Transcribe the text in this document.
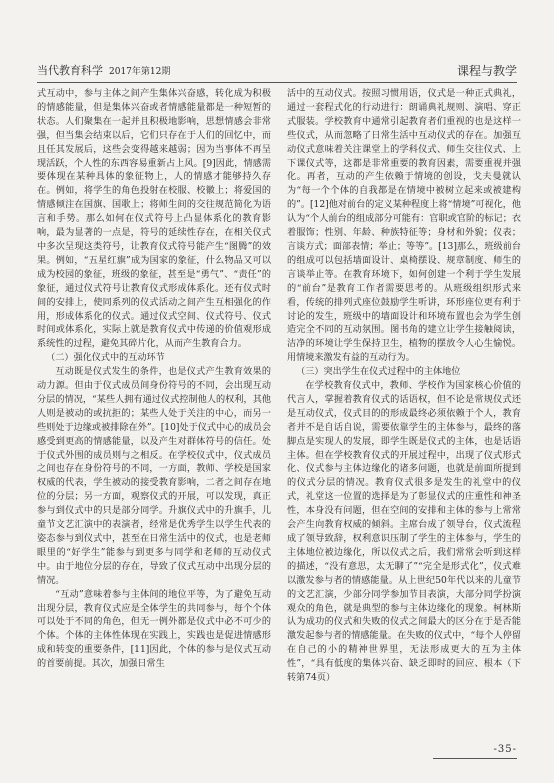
当代教育科学 2017年第12期	课程与教学

式互动中，参与主体之间产生集体兴奋感，转化成为积极的情感能量，但是集体兴奋或者情感能量都是一种短暂的状态。人们聚集在一起并且积极地影响，思想情感会非常强，但当集会结束以后，它们只存在于人们的回忆中，而且任其发展后，这些会变得越来越弱；因为当事体不再呈现活跃，个人性的东西容易重新占上风。[9]因此，情感需要体现在某种具体的象征物上，人的情感才能够持久存在。例如，将学生的角色投射在校服、校徽上；将爱国的情感倾注在国旗、国歌上；将师生间的交往规范简化为语言和手势。那么如何在仪式符号上凸显体系化的教育影响，最为显著的一点是，符号的延续性存在，在相关仪式中多次呈现这类符号，让教育仪式符号能产生“图腾”的效果。例如，“五星红旗”成为国家的象征，什么物品又可以成为校园的象征，班级的象征，甚至是“勇气”、“责任”的象征，通过仪式符号让教育仪式形成体系化。还有仪式时间的安排上，使同系列的仪式活动之间产生互相强化的作用，形成体系化的仪式。通过仪式空间、仪式符号、仪式时间或体系化，实际上就是教育仪式中传递的价值观形成系统性的过程，避免其碎片化，从而产生教育合力。

（二）强化仪式中的互动环节

互动既是仪式发生的条件，也是仪式产生教育效果的动力源。但由于仪式成员间身份符号的不同，会出现互动分层的情况，“某些人拥有通过仪式控制他人的权利，其他人则是被动的或抗拒的；某些人处于关注的中心，而另一些则处于边缘或被排除在外”。[10]处于仪式中心的成员会感受到更高的情感能量，以及产生对群体符号的信任。处于仪式外围的成员则与之相反。在学校仪式中，仪式成员之间也存在身份符号的不同，一方面，教师、学校是国家权威的代表，学生被动的接受教育影响，二者之间存在地位的分层；另一方面，观察仪式的开展，可以发现，真正参与到仪式中的只是部分同学。升旗仪式中的升旗手，儿童节文艺汇演中的表演者，经常是优秀学生以学生代表的姿态参与到仪式中，甚至在日常生活中的仪式，也是老师眼里的“好学生”能参与到更多与同学和老师的互动仪式中。由于地位分层的存在，导致了仪式互动中出现分层的情况。

“互动”意味着参与主体间的地位平等，为了避免互动出现分层，教育仪式应是全体学生的共同参与，每个个体可以处于不同的角色，但无一例外都是仪式中必不可少的个体。个体的主体性体现在实践上，实践也是促进情感形成和转变的重要条件，[11]因此，个体的参与是仪式互动的首要前提。其次，加强日常生

活中的互动仪式。按照习惯用语，仪式是一种正式典礼，通过一套程式化的行动进行：朗诵典礼规则、演唱、穿正式服装。学校教育中通常引起教育者们重视的也是这样一些仪式，从而忽略了日常生活中互动仪式的存在。加强互动仪式意味着关注课堂上的学科仪式、师生交往仪式、上下课仪式等，这都是非常重要的教育因素，需要重视并强化。再者，互动的产生依赖于情境的创设，戈夫曼就认为“每一个个体的自我都是在情境中被树立起来或被建构的”。[12]他对前台的定义某种程度上将“情境”可视化，他认为“个人前台的组成部分可能有：官职或官阶的标记；衣着服饰；性别、年龄、种族特征等；身材和外貌；仪表；言谈方式；面部表情；举止；等等”。[13]那么，班级前台的组成可以包括墙面设计、桌椅摆设、规章制度、师生的言谈举止等。在教育环境下，如何创建一个利于学生发展的“前台”是教育工作者需要思考的。从班级组织形式来看，传统的排列式座位鼓励学生听讲，环形座位更有利于讨论的发生，班级中的墙面设计和环境布置也会为学生创造完全不同的互动氛围。图书角的建立让学生接触阅读，洁净的环境让学生保持卫生，植物的摆放令人心生愉悦。用情境来激发有益的互动行为。

（三）突出学生在仪式过程中的主体地位

在学校教育仪式中，教师、学校作为国家核心价值的代言人，掌握着教育仪式的话语权，但不论是常规仪式还是互动仪式，仪式目的的形成最终必须依赖于个人，教育者并不是自话自说，需要依靠学生的主体参与，最终的落脚点是实现人的发展，即学生既是仪式的主体，也是话语主体。但在学校教育仪式的开展过程中，出现了仪式形式化、仪式参与主体边缘化的诸多问题，也就是前面所提到的仪式分层的情况。教育仪式很多是发生的礼堂中的仪式，礼堂这一位置的选择是为了彰显仪式的庄重性和神圣性，本身没有问题，但在空间的安排和主体的参与上常常会产生向教育权威的倾斜。主席台成了领导台，仪式流程成了领导致辞，权利意识压制了学生的主体参与，学生的主体地位被边缘化，所以仪式之后，我们常常会听到这样的描述，“没有意思，太无聊了”“完全是形式化”，仪式难以激发参与者的情感能量。从上世纪50年代以来的儿童节的文艺汇演，少部分同学参加节目表演，大部分同学扮演观众的角色，就是典型的参与主体边缘化的现象。柯林斯认为成功的仪式和失败的仪式之间最大的区分在于是否能激发起参与者的情感能量。在失败的仪式中，“每个人停留在自己的小的精神世界里，无法形成更大的互为主体性”，“具有低度的集体兴奋、缺乏即时的回应、根本（下转第74页）

-35-
